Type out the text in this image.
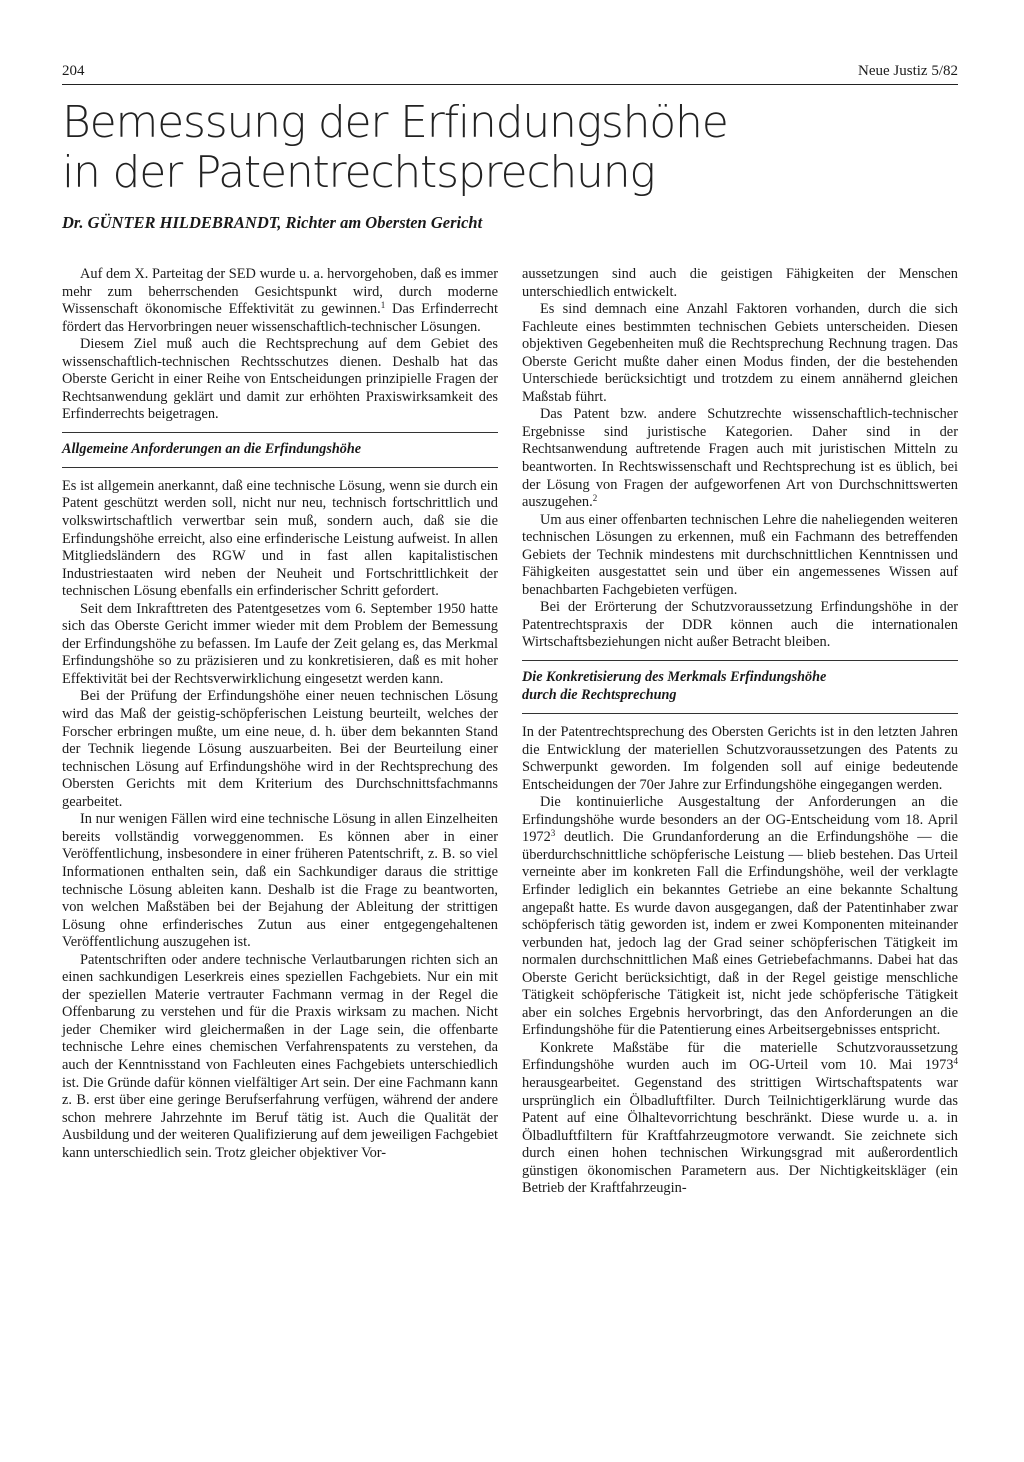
204	Neue Justiz 5/82
Bemessung der Erfindungshöhe
in der Patentrechtsprechung
Dr. GÜNTER HILDEBRANDT, Richter am Obersten Gericht

Auf dem X. Parteitag der SED wurde u. a. hervorgehoben, daß es immer mehr zum beherrschenden Gesichtspunkt wird, durch moderne Wissenschaft ökonomische Effektivität zu gewinnen.$^1$ Das Erfinderrecht fördert das Hervorbringen neuer wissenschaftlich-technischer Lösungen.

Diesem Ziel muß auch die Rechtsprechung auf dem Gebiet des wissenschaftlich-technischen Rechtsschutzes dienen. Deshalb hat das Oberste Gericht in einer Reihe von Entscheidungen prinzipielle Fragen der Rechtsanwendung geklärt und damit zur erhöhten Praxiswirksamkeit des Erfinderrechts beigetragen.

Allgemeine Anforderungen an die Erfindungshöhe

Es ist allgemein anerkannt, daß eine technische Lösung, wenn sie durch ein Patent geschützt werden soll, nicht nur neu, technisch fortschrittlich und volkswirtschaftlich verwertbar sein muß, sondern auch, daß sie die Erfindungshöhe erreicht, also eine erfinderische Leistung aufweist. In allen Mitgliedsländern des RGW und in fast allen kapitalistischen Industriestaaten wird neben der Neuheit und Fortschrittlichkeit der technischen Lösung ebenfalls ein erfinderischer Schritt gefordert.

Seit dem Inkrafttreten des Patentgesetzes vom 6. September 1950 hatte sich das Oberste Gericht immer wieder mit dem Problem der Bemessung der Erfindungshöhe zu befassen. Im Laufe der Zeit gelang es, das Merkmal Erfindungshöhe so zu präzisieren und zu konkretisieren, daß es mit hoher Effektivität bei der Rechtsverwirklichung eingesetzt werden kann.

Bei der Prüfung der Erfindungshöhe einer neuen technischen Lösung wird das Maß der geistig-schöpferischen Leistung beurteilt, welches der Forscher erbringen mußte, um eine neue, d. h. über dem bekannten Stand der Technik liegende Lösung auszuarbeiten. Bei der Beurteilung einer technischen Lösung auf Erfindungshöhe wird in der Rechtsprechung des Obersten Gerichts mit dem Kriterium des Durchschnittsfachmanns gearbeitet.

In nur wenigen Fällen wird eine technische Lösung in allen Einzelheiten bereits vollständig vorweggenommen. Es können aber in einer Veröffentlichung, insbesondere in einer früheren Patentschrift, z. B. so viel Informationen enthalten sein, daß ein Sachkundiger daraus die strittige technische Lösung ableiten kann. Deshalb ist die Frage zu beantworten, von welchen Maßstäben bei der Bejahung der Ableitung der strittigen Lösung ohne erfinderisches Zutun aus einer entgegengehaltenen Veröffentlichung auszugehen ist.

Patentschriften oder andere technische Verlautbarungen richten sich an einen sachkundigen Leserkreis eines speziellen Fachgebiets. Nur ein mit der speziellen Materie vertrauter Fachmann vermag in der Regel die Offenbarung zu verstehen und für die Praxis wirksam zu machen. Nicht jeder Chemiker wird gleichermaßen in der Lage sein, die offenbarte technische Lehre eines chemischen Verfahrenspatents zu verstehen, da auch der Kenntnisstand von Fachleuten eines Fachgebiets unterschiedlich ist. Die Gründe dafür können vielfältiger Art sein. Der eine Fachmann kann z. B. erst über eine geringe Berufserfahrung verfügen, während der andere schon mehrere Jahrzehnte im Beruf tätig ist. Auch die Qualität der Ausbildung und der weiteren Qualifizierung auf dem jeweiligen Fachgebiet kann unterschiedlich sein. Trotz gleicher objektiver Vor-

aussetzungen sind auch die geistigen Fähigkeiten der Menschen unterschiedlich entwickelt.

Es sind demnach eine Anzahl Faktoren vorhanden, durch die sich Fachleute eines bestimmten technischen Gebiets unterscheiden. Diesen objektiven Gegebenheiten muß die Rechtsprechung Rechnung tragen. Das Oberste Gericht mußte daher einen Modus finden, der die bestehenden Unterschiede berücksichtigt und trotzdem zu einem annähernd gleichen Maßstab führt.

Das Patent bzw. andere Schutzrechte wissenschaftlich-technischer Ergebnisse sind juristische Kategorien. Daher sind in der Rechtsanwendung auftretende Fragen auch mit juristischen Mitteln zu beantworten. In Rechtswissenschaft und Rechtsprechung ist es üblich, bei der Lösung von Fragen der aufgeworfenen Art von Durchschnittswerten auszugehen.$^2$

Um aus einer offenbarten technischen Lehre die naheliegenden weiteren technischen Lösungen zu erkennen, muß ein Fachmann des betreffenden Gebiets der Technik mindestens mit durchschnittlichen Kenntnissen und Fähigkeiten ausgestattet sein und über ein angemessenes Wissen auf benachbarten Fachgebieten verfügen.

Bei der Erörterung der Schutzvoraussetzung Erfindungshöhe in der Patentrechtspraxis der DDR können auch die internationalen Wirtschaftsbeziehungen nicht außer Betracht bleiben.

Die Konkretisierung des Merkmals Erfindungshöhe
durch die Rechtsprechung

In der Patentrechtsprechung des Obersten Gerichts ist in den letzten Jahren die Entwicklung der materiellen Schutzvoraussetzungen des Patents zu Schwerpunkt geworden. Im folgenden soll auf einige bedeutende Entscheidungen der 70er Jahre zur Erfindungshöhe eingegangen werden.

Die kontinuierliche Ausgestaltung der Anforderungen an die Erfindungshöhe wurde besonders an der OG-Entscheidung vom 18. April 1972$^3$ deutlich. Die Grundanforderung an die Erfindungshöhe — die überdurchschnittliche schöpferische Leistung — blieb bestehen. Das Urteil verneinte aber im konkreten Fall die Erfindungshöhe, weil der verklagte Erfinder lediglich ein bekanntes Getriebe an eine bekannte Schaltung angepaßt hatte. Es wurde davon ausgegangen, daß der Patentinhaber zwar schöpferisch tätig geworden ist, indem er zwei Komponenten miteinander verbunden hat, jedoch lag der Grad seiner schöpferischen Tätigkeit im normalen durchschnittlichen Maß eines Getriebefachmanns. Dabei hat das Oberste Gericht berücksichtigt, daß in der Regel geistige menschliche Tätigkeit schöpferische Tätigkeit ist, nicht jede schöpferische Tätigkeit aber ein solches Ergebnis hervorbringt, das den Anforderungen an die Erfindungshöhe für die Patentierung eines Arbeitsergebnisses entspricht.

Konkrete Maßstäbe für die materielle Schutzvoraussetzung Erfindungshöhe wurden auch im OG-Urteil vom 10. Mai 1973$^4$ herausgearbeitet. Gegenstand des strittigen Wirtschaftspatents war ursprünglich ein Ölbadluftfilter. Durch Teilnichtigerklärung wurde das Patent auf eine Ölhaltevorrichtung beschränkt. Diese wurde u. a. in Ölbadluftfiltern für Kraftfahrzeugmotore verwandt. Sie zeichnete sich durch einen hohen technischen Wirkungsgrad mit außerordentlich günstigen ökonomischen Parametern aus. Der Nichtigkeitskläger (ein Betrieb der Kraftfahrzeugin-
